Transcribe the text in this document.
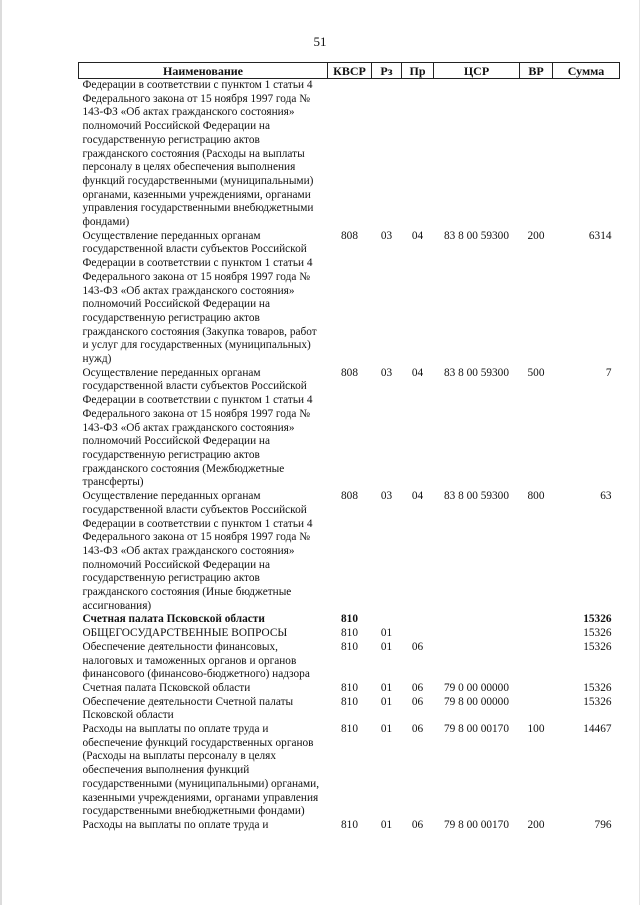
51
Наименование	КВСР	Рз	Пр	ЦСР	ВР	Сумма
Федерации в соответствии с пунктом 1 статьи 4 Федерального закона от 15 ноября 1997 года № 143-ФЗ «Об актах гражданского состояния» полномочий Российской Федерации на государственную регистрацию актов гражданского состояния (Расходы на выплаты персоналу в целях обеспечения выполнения функций государственными (муниципальными) органами, казенными учреждениями, органами управления государственными внебюджетными фондами)						
Осуществление переданных органам государственной власти субъектов Российской Федерации в соответствии с пунктом 1 статьи 4 Федерального закона от 15 ноября 1997 года № 143-ФЗ «Об актах гражданского состояния» полномочий Российской Федерации на государственную регистрацию актов гражданского состояния (Закупка товаров, работ и услуг для государственных (муниципальных) нужд)	808	03	04	83 8 00 59300	200	6314
Осуществление переданных органам государственной власти субъектов Российской Федерации в соответствии с пунктом 1 статьи 4 Федерального закона от 15 ноября 1997 года № 143-ФЗ «Об актах гражданского состояния» полномочий Российской Федерации на государственную регистрацию актов гражданского состояния (Межбюджетные трансферты)	808	03	04	83 8 00 59300	500	7
Осуществление переданных органам государственной власти субъектов Российской Федерации в соответствии с пунктом 1 статьи 4 Федерального закона от 15 ноября 1997 года № 143-ФЗ «Об актах гражданского состояния» полномочий Российской Федерации на государственную регистрацию актов гражданского состояния (Иные бюджетные ассигнования)	808	03	04	83 8 00 59300	800	63
Счетная палата Псковской области	810					15326
ОБЩЕГОСУДАРСТВЕННЫЕ ВОПРОСЫ	810	01				15326
Обеспечение деятельности финансовых, налоговых и таможенных органов и органов финансового (финансово-бюджетного) надзора	810	01	06			15326
Счетная палата Псковской области	810	01	06	79 0 00 00000		15326
Обеспечение деятельности Счетной палаты Псковской области	810	01	06	79 8 00 00000		15326
Расходы на выплаты по оплате труда и обеспечение функций государственных органов (Расходы на выплаты персоналу в целях обеспечения выполнения функций государственными (муниципальными) органами, казенными учреждениями, органами управления государственными внебюджетными фондами)	810	01	06	79 8 00 00170	100	14467
Расходы на выплаты по оплате труда и	810	01	06	79 8 00 00170	200	796
